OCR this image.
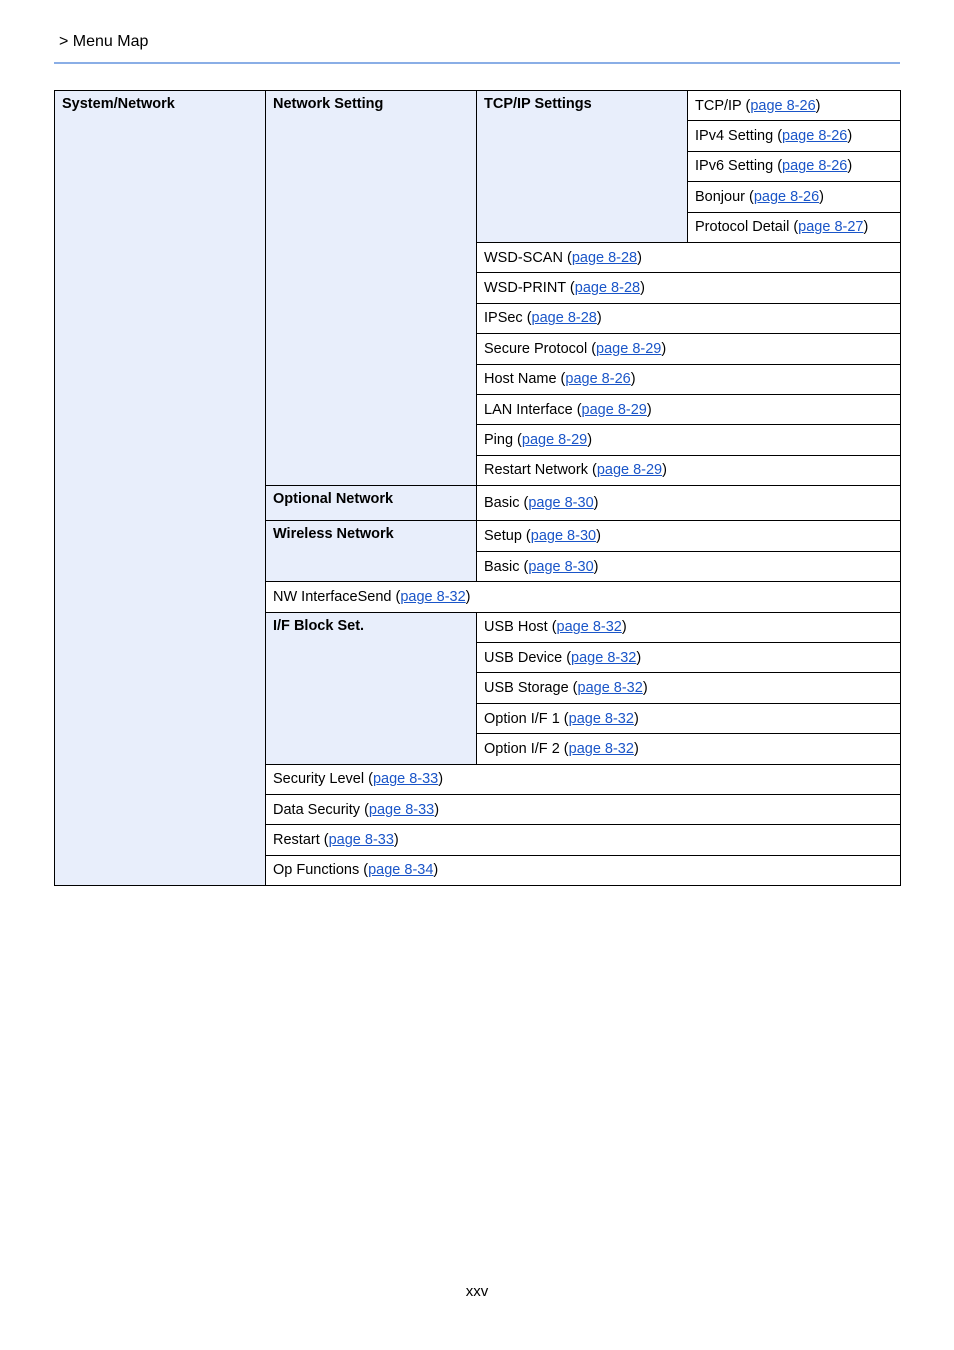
> Menu Map
System/Network	Network Setting	TCP/IP Settings	TCP/IP (page 8-26)
			IPv4 Setting (page 8-26)
			IPv6 Setting (page 8-26)
			Bonjour (page 8-26)
			Protocol Detail (page 8-27)
		WSD-SCAN (page 8-28)	
		WSD-PRINT (page 8-28)	
		IPSec (page 8-28)	
		Secure Protocol (page 8-29)	
		Host Name (page 8-26)	
		LAN Interface (page 8-29)	
		Ping (page 8-29)	
		Restart Network (page 8-29)	
	Optional Network	Basic (page 8-30)	
	Wireless Network	Setup (page 8-30)	
		Basic (page 8-30)	
	NW InterfaceSend (page 8-32)		
	I/F Block Set.	USB Host (page 8-32)	
		USB Device (page 8-32)	
		USB Storage (page 8-32)	
		Option I/F 1 (page 8-32)	
		Option I/F 2 (page 8-32)	
	Security Level (page 8-33)		
	Data Security (page 8-33)		
	Restart (page 8-33)		
	Op Functions (page 8-34)		
xxv
